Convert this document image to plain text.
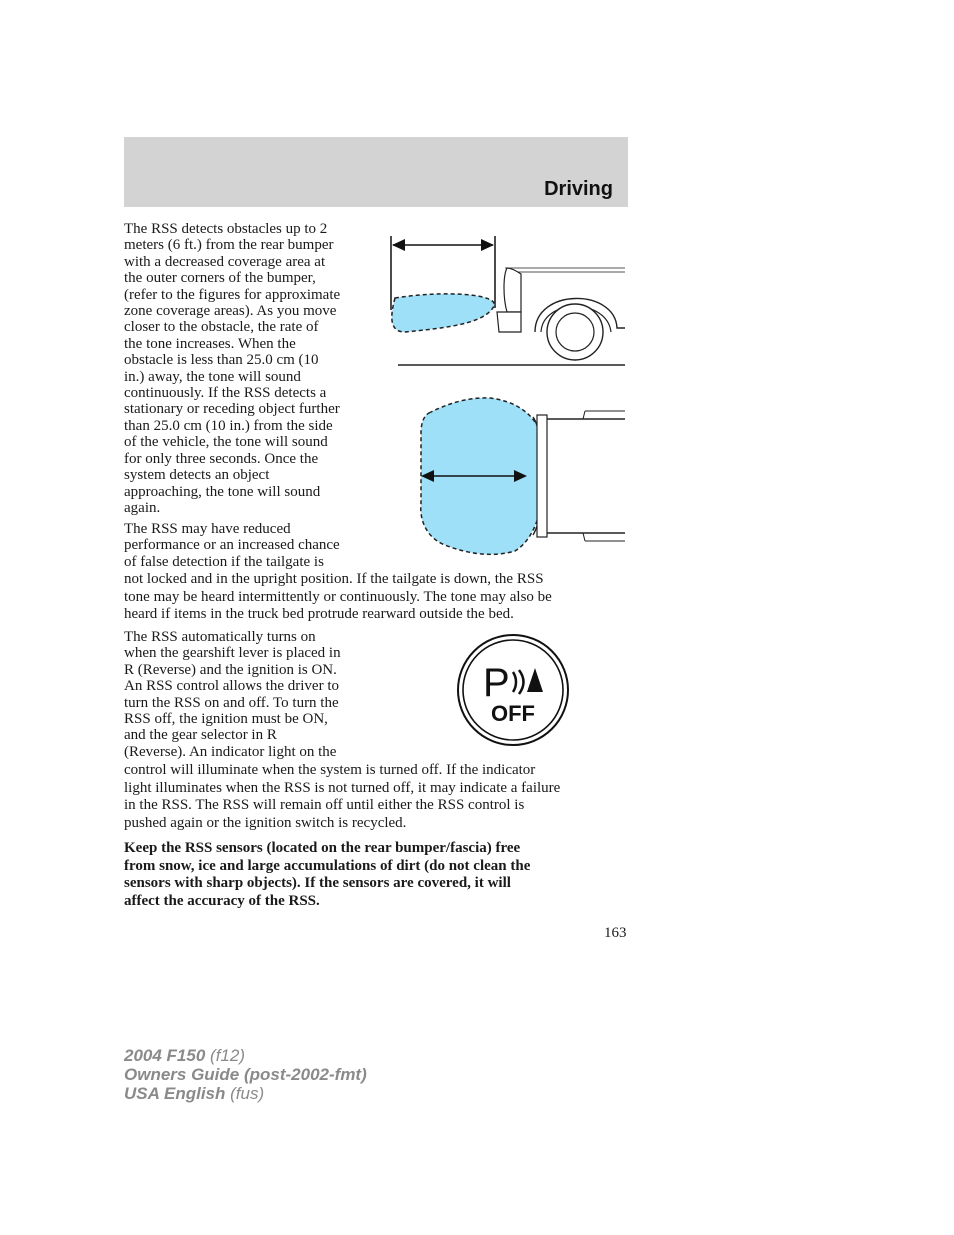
Driving
The RSS detects obstacles up to 2
meters (6 ft.) from the rear bumper
with a decreased coverage area at
the outer corners of the bumper,
(refer to the figures for approximate
zone coverage areas). As you move
closer to the obstacle, the rate of
the tone increases. When the
obstacle is less than 25.0 cm (10
in.) away, the tone will sound
continuously. If the RSS detects a
stationary or receding object further
than 25.0 cm (10 in.) from the side
of the vehicle, the tone will sound
for only three seconds. Once the
system detects an object
approaching, the tone will sound
again.
The RSS may have reduced
performance or an increased chance
of false detection if the tailgate is
not locked and in the upright position. If the tailgate is down, the RSS
tone may be heard intermittently or continuously. The tone may also be
heard if items in the truck bed protrude rearward outside the bed.
The RSS automatically turns on
when the gearshift lever is placed in
R (Reverse) and the ignition is ON.
An RSS control allows the driver to
turn the RSS on and off. To turn the
RSS off, the ignition must be ON,
and the gear selector in R
(Reverse). An indicator light on the
control will illuminate when the system is turned off. If the indicator
light illuminates when the RSS is not turned off, it may indicate a failure
in the RSS. The RSS will remain off until either the RSS control is
pushed again or the ignition switch is recycled.
Keep the RSS sensors (located on the rear bumper/fascia) free
from snow, ice and large accumulations of dirt (do not clean the
sensors with sharp objects). If the sensors are covered, it will
affect the accuracy of the RSS.
P
OFF
163
2004 F150 (f12)
Owners Guide (post-2002-fmt)
USA English (fus)
